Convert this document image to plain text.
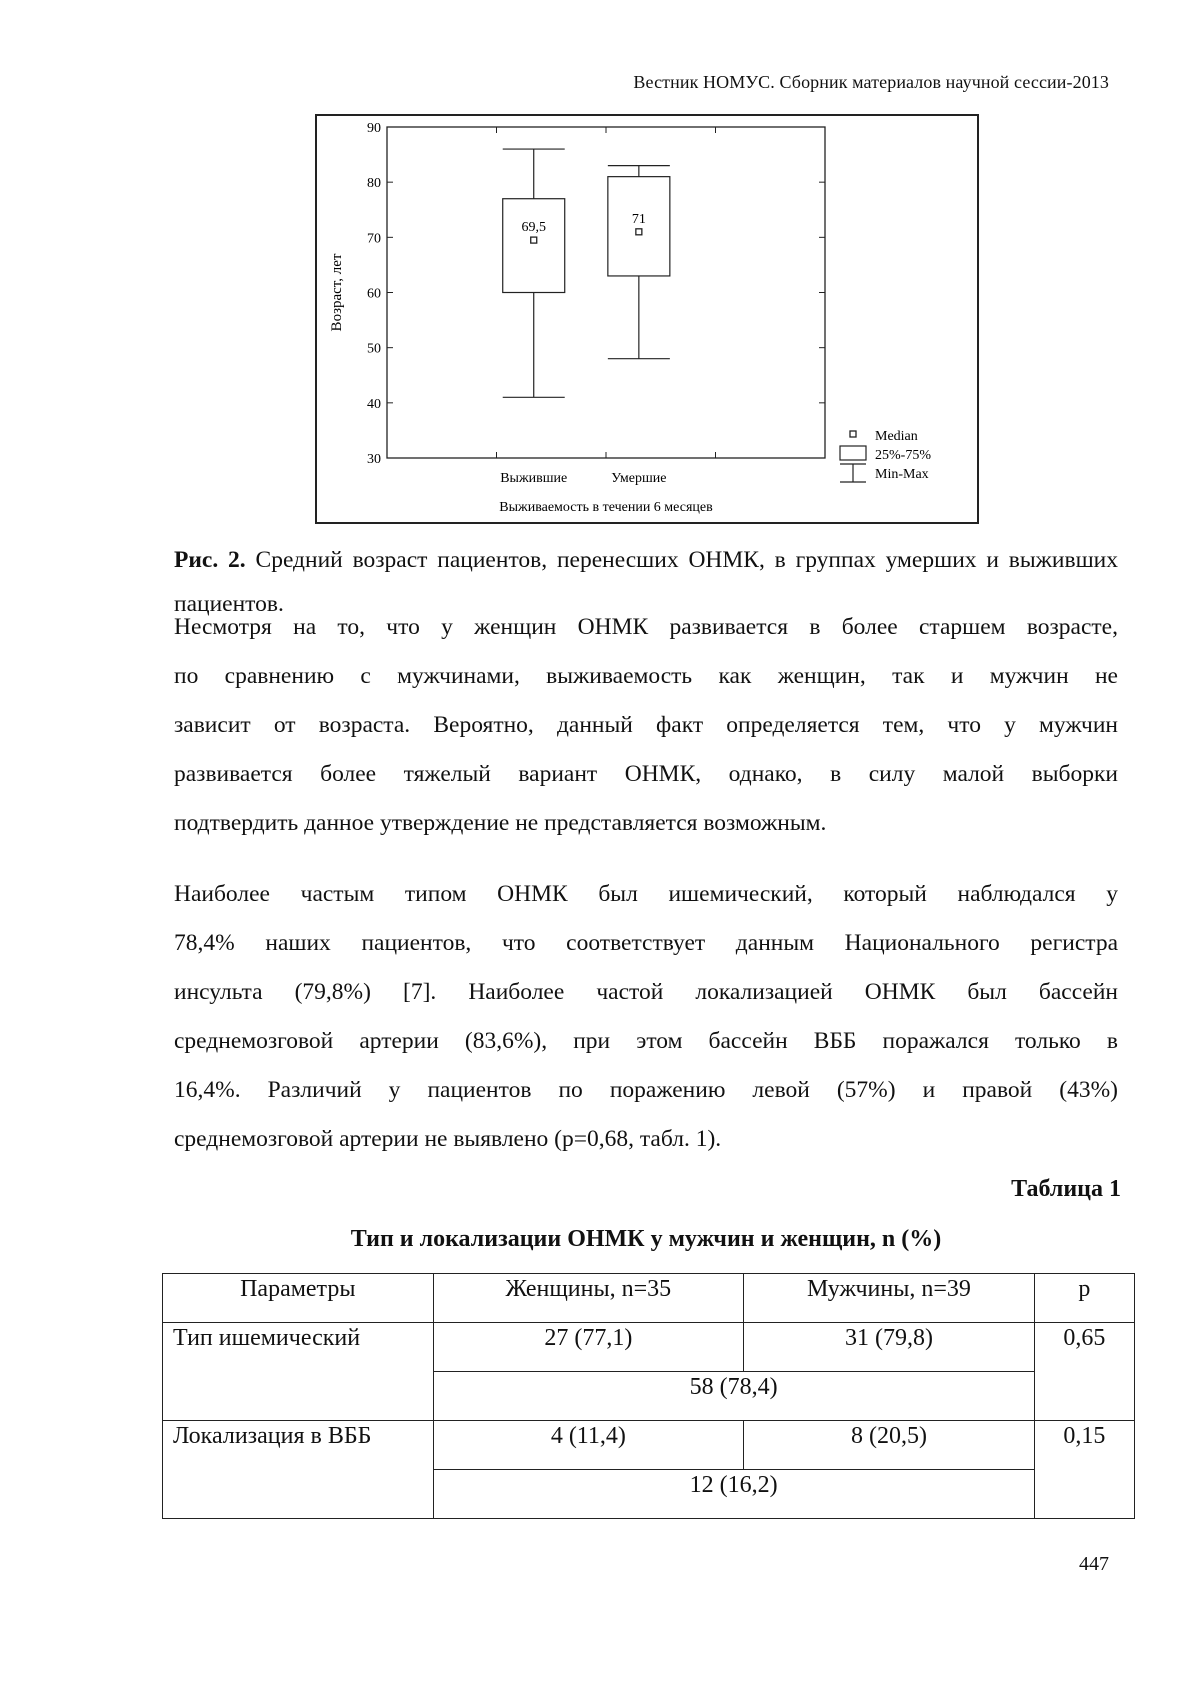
Вестник НОМУС. Сборник материалов научной сессии-2013
90
80
70
60
50
40
30
69,5
Выжившие
71
Умершие
Выживаемость в течении 6 месяцев
Возраст, лет
Median
25%-75%
Min-Max
Рис. 2. Средний возраст пациентов, перенесших ОНМК, в группах умерших и выживших пациентов.
Несмотря на то, что у женщин ОНМК развивается в более старшем возрасте,
по сравнению с мужчинами, выживаемость как женщин, так и мужчин не
зависит от возраста. Вероятно, данный факт определяется тем, что у мужчин
развивается более тяжелый вариант ОНМК, однако, в силу малой выборки
подтвердить данное утверждение не представляется возможным.
Наиболее частым типом ОНМК был ишемический, который наблюдался у
78,4% наших пациентов, что соответствует данным Национального регистра
инсульта (79,8%) [7]. Наиболее частой локализацией ОНМК был бассейн
среднемозговой артерии (83,6%), при этом бассейн ВББ поражался только в
16,4%. Различий у пациентов по поражению левой (57%) и правой (43%)
среднемозговой артерии не выявлено (p=0,68, табл. 1).
Таблица 1
Тип и локализации ОНМК у мужчин и женщин, n (%)
Параметры	Женщины, n=35	Мужчины, n=39	p
Тип ишемический	27 (77,1)	31 (79,8)	0,65
	58 (78,4)		
Локализация в ВББ	4 (11,4)	8 (20,5)	0,15
	12 (16,2)		
447
